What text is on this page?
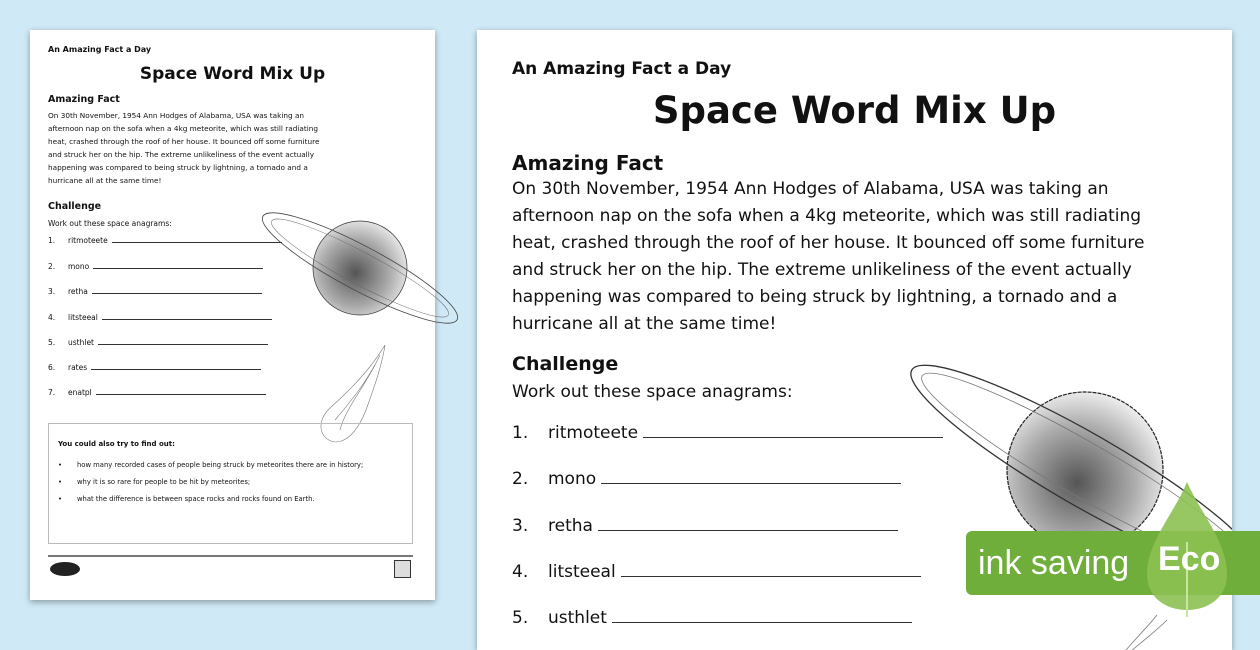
An Amazing Fact a Day
Space Word Mix Up
Amazing Fact
On 30th November, 1954 Ann Hodges of Alabama, USA was taking an
afternoon nap on the sofa when a 4kg meteorite, which was still radiating
heat, crashed through the roof of her house. It bounced off some furniture
and struck her on the hip. The extreme unlikeliness of the event actually
happening was compared to being struck by lightning, a tornado and a
hurricane all at the same time!
Challenge
Work out these space anagrams:
1.	ritmoteete
2.	mono
3.	retha
4.	litsteeal
5.	usthlet
6.	rates
7.	enatpl
You could also try to find out:
•	how many recorded cases of people being struck by meteorites there are in history;
•	why it is so rare for people to be hit by meteorites;
•	what the difference is between space rocks and rocks found on Earth.
An Amazing Fact a Day
Space Word Mix Up
Amazing Fact
On 30th November, 1954 Ann Hodges of Alabama, USA was taking an
afternoon nap on the sofa when a 4kg meteorite, which was still radiating
heat, crashed through the roof of her house. It bounced off some furniture
and struck her on the hip. The extreme unlikeliness of the event actually
happening was compared to being struck by lightning, a tornado and a
hurricane all at the same time!
Challenge
Work out these space anagrams:
1.	ritmoteete
2.	mono
3.	retha
4.	litsteeal
5.	usthlet
ink saving Eco
